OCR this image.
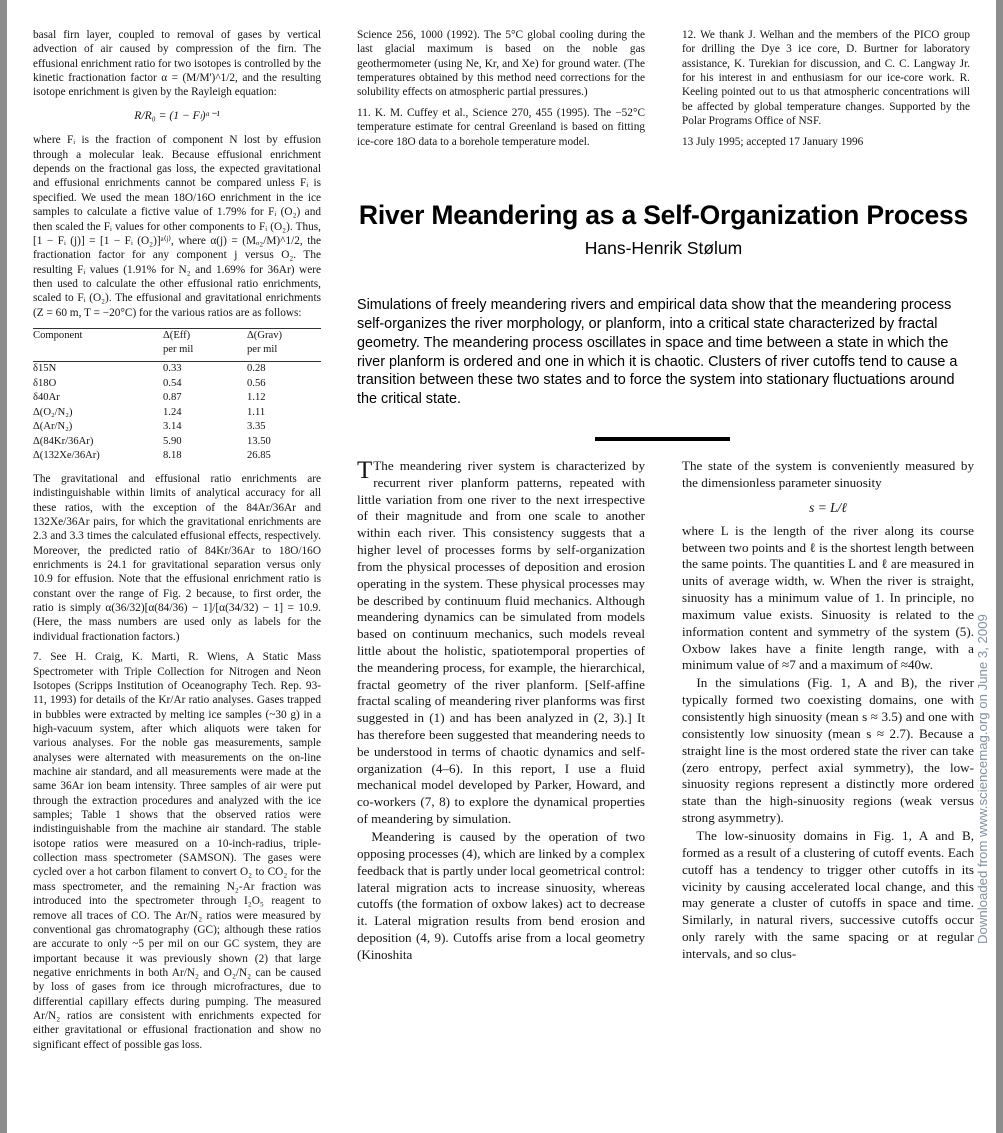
basal firn layer, coupled to removal of gases by vertical advection of air caused by compression of the firn. The effusional enrichment ratio for two isotopes is controlled by the kinetic fractionation factor α = (M/M')^1/2, and the resulting isotope enrichment is given by the Rayleigh equation:

R/R₀ = (1 − Fₗ)ᵅ⁻¹

where Fᵢ is the fraction of component N lost by effusion through a molecular leak. Because effusional enrichment depends on the fractional gas loss, the expected gravitational and effusional enrichments cannot be compared unless Fᵢ is specified. We used the mean 18O/16O enrichment in the ice samples to calculate a fictive value of 1.79% for Fᵢ (O₂) and then scaled the Fᵢ values for other components to Fᵢ (O₂). Thus, [1 − Fᵢ (j)] = [1 − Fᵢ (O₂)]ᵃ⁽ʲ⁾, where α(j) = (Mₒ₂/M)^1/2, the fractionation factor for any component j versus O₂. The resulting Fᵢ values (1.91% for N₂ and 1.69% for 36Ar) were then used to calculate the other effusional ratio enrichments, scaled to Fᵢ (O₂). The effusional and gravitational enrichments (Z = 60 m, T = −20°C) for the various ratios are as follows:

Component	Δ(Eff)	Δ(Grav)
	per mil	per mil
δ15N	0.33	0.28
δ18O	0.54	0.56
δ40Ar	0.87	1.12
Δ(O₂/N₂)	1.24	1.11
Δ(Ar/N₂)	3.14	3.35
Δ(84Kr/36Ar)	5.90	13.50
Δ(132Xe/36Ar)	8.18	26.85

The gravitational and effusional ratio enrichments are indistinguishable within limits of analytical accuracy for all these ratios, with the exception of the 84Ar/36Ar and 132Xe/36Ar pairs, for which the gravitational enrichments are 2.3 and 3.3 times the calculated effusional effects, respectively. Moreover, the predicted ratio of 84Kr/36Ar to 18O/16O enrichments is 24.1 for gravitational separation versus only 10.9 for effusion. Note that the effusional enrichment ratio is constant over the range of Fig. 2 because, to first order, the ratio is simply α(36/32)[α(84/36) − 1]/[α(34/32) − 1] = 10.9. (Here, the mass numbers are used only as labels for the individual fractionation factors.)

7. See H. Craig, K. Marti, R. Wiens, A Static Mass Spectrometer with Triple Collection for Nitrogen and Neon Isotopes (Scripps Institution of Oceanography Tech. Rep. 93-11, 1993) for details of the Kr/Ar ratio analyses. Gases trapped in bubbles were extracted by melting ice samples (~30 g) in a high-vacuum system, after which aliquots were taken for various analyses. For the noble gas measurements, sample analyses were alternated with measurements on the on-line machine air standard, and all measurements were made at the same 36Ar ion beam intensity. Three samples of air were put through the extraction procedures and analyzed with the ice samples; Table 1 shows that the observed ratios were indistinguishable from the machine air standard. The stable isotope ratios were measured on a 10-inch-radius, triple-collection mass spectrometer (SAMSON). The gases were cycled over a hot carbon filament to convert O₂ to CO₂ for the mass spectrometer, and the remaining N₂-Ar fraction was introduced into the spectrometer through I₂O₅ reagent to remove all traces of CO. The Ar/N₂ ratios were measured by conventional gas chromatography (GC); although these ratios are accurate to only ~5 per mil on our GC system, they are important because it was previously shown (2) that large negative enrichments in both Ar/N₂ and O₂/N₂ can be caused by loss of gases from ice through microfractures, due to differential capillary effects during pumping. The measured Ar/N₂ ratios are consistent with enrichments expected for either gravitational or effusional fractionation and show no significant effect of possible gas loss.

Science 256, 1000 (1992). The 5°C global cooling during the last glacial maximum is based on the noble gas geothermometer (using Ne, Kr, and Xe) for ground water. (The temperatures obtained by this method need corrections for the solubility effects on atmospheric partial pressures.)

11. K. M. Cuffey et al., Science 270, 455 (1995). The −52°C temperature estimate for central Greenland is based on fitting ice-core 18O data to a borehole temperature model.

12. We thank J. Welhan and the members of the PICO group for drilling the Dye 3 ice core, D. Burtner for laboratory assistance, K. Turekian for discussion, and C. C. Langway Jr. for his interest in and enthusiasm for our ice-core work. R. Keeling pointed out to us that atmospheric concentrations will be affected by global temperature changes. Supported by the Polar Programs Office of NSF.

13 July 1995; accepted 17 January 1996

River Meandering as a Self-Organization Process
Hans-Henrik Stølum
Simulations of freely meandering rivers and empirical data show that the meandering process self-organizes the river morphology, or planform, into a critical state characterized by fractal geometry. The meandering process oscillates in space and time between a state in which the river planform is ordered and one in which it is chaotic. Clusters of river cutoffs tend to cause a transition between these two states and to force the system into stationary fluctuations around the critical state.

T The meandering river system is characterized by recurrent river planform patterns, repeated with little variation from one river to the next irrespective of their magnitude and from one scale to another within each river. This consistency suggests that a higher level of processes forms by self-organization from the physical processes of deposition and erosion operating in the system. These physical processes may be described by continuum fluid mechanics. Although meandering dynamics can be simulated from models based on continuum mechanics, such models reveal little about the holistic, spatiotemporal properties of the meandering process, for example, the hierarchical, fractal geometry of the river planform. [Self-affine fractal scaling of meandering river planforms was first suggested in (1) and has been analyzed in (2, 3).] It has therefore been suggested that meandering needs to be understood in terms of chaotic dynamics and self-organization (4–6). In this report, I use a fluid mechanical model developed by Parker, Howard, and co-workers (7, 8) to explore the dynamical properties of meandering by simulation.

Meandering is caused by the operation of two opposing processes (4), which are linked by a complex feedback that is partly under local geometrical control: lateral migration acts to increase sinuosity, whereas cutoffs (the formation of oxbow lakes) act to decrease it. Lateral migration results from bend erosion and deposition (4, 9). Cutoffs arise from a local geometry (Kinoshita

The state of the system is conveniently measured by the dimensionless parameter sinuosity

s = L/ℓ

where L is the length of the river along its course between two points and ℓ is the shortest length between the same points. The quantities L and ℓ are measured in units of average width, w. When the river is straight, sinuosity has a minimum value of 1. In principle, no maximum value exists. Sinuosity is related to the information content and symmetry of the system (5). Oxbow lakes have a finite length range, with a minimum value of ≈7 and a maximum of ≈40w.

In the simulations (Fig. 1, A and B), the river typically formed two coexisting domains, one with consistently high sinuosity (mean s ≈ 3.5) and one with consistently low sinuosity (mean s ≈ 2.7). Because a straight line is the most ordered state the river can take (zero entropy, perfect axial symmetry), the low-sinuosity regions represent a distinctly more ordered state than the high-sinuosity regions (weak versus strong asymmetry).

The low-sinuosity domains in Fig. 1, A and B, formed as a result of a clustering of cutoff events. Each cutoff has a tendency to trigger other cutoffs in its vicinity by causing accelerated local change, and this may generate a cluster of cutoffs in space and time. Similarly, in natural rivers, successive cutoffs occur only rarely with the same spacing or at regular intervals, and so clus-

Downloaded from www.sciencemag.org on June 3, 2009
